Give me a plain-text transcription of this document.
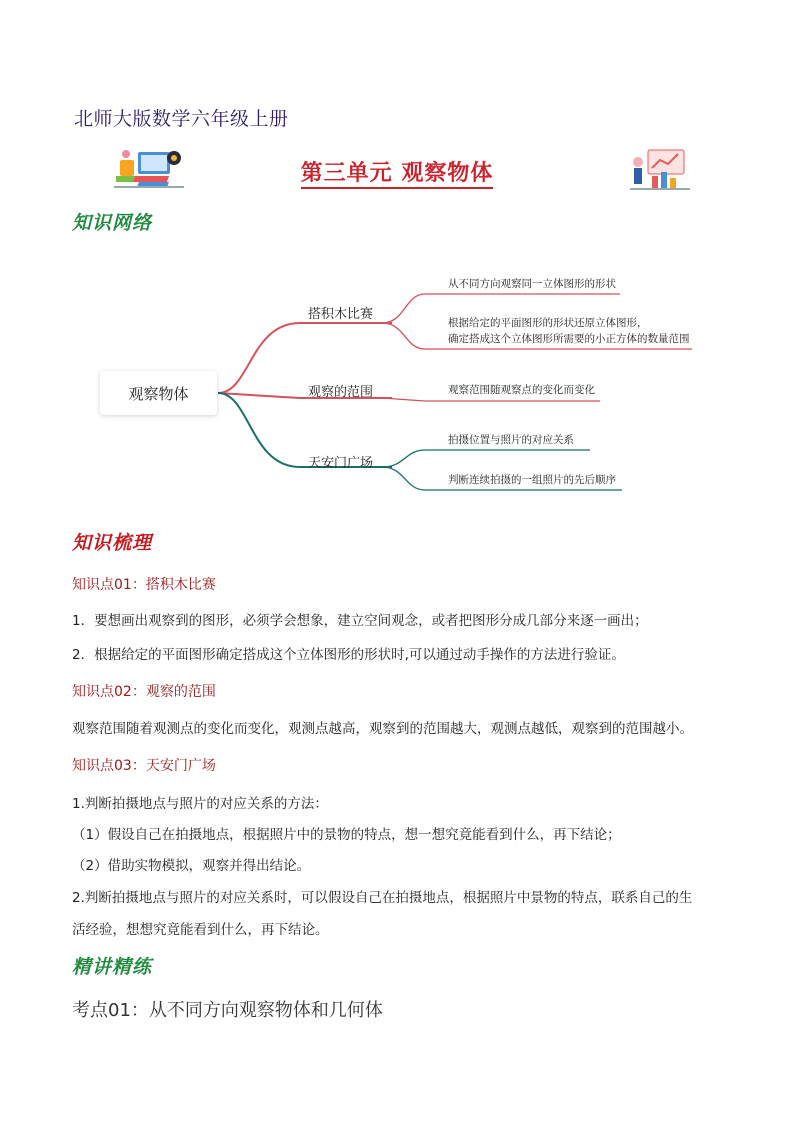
北师大版数学六年级上册
第三单元 观察物体
知识网络
观察物体
搭积木比赛
观察的范围
天安门广场
从不同方向观察同一立体图形的形状
根据给定的平面图形的形状还原立体图形，
确定搭成这个立体图形所需要的小正方体的数量范围
观察范围随观察点的变化而变化
拍摄位置与照片的对应关系
判断连续拍摄的一组照片的先后顺序
知识梳理
知识点01：搭积木比赛
1．要想画出观察到的图形，必须学会想象，建立空间观念，或者把图形分成几部分来逐一画出；
2．根据给定的平面图形确定搭成这个立体图形的形状时,可以通过动手操作的方法进行验证。
知识点02：观察的范围
观察范围随着观测点的变化而变化，观测点越高，观察到的范围越大，观测点越低，观察到的范围越小。
知识点03：天安门广场
1.判断拍摄地点与照片的对应关系的方法：
（1）假设自己在拍摄地点，根据照片中的景物的特点，想一想究竟能看到什么，再下结论；
（2）借助实物模拟，观察并得出结论。
2.判断拍摄地点与照片的对应关系时，可以假设自己在拍摄地点，根据照片中景物的特点，联系自己的生
活经验，想想究竟能看到什么，再下结论。
精讲精练
考点01：从不同方向观察物体和几何体
